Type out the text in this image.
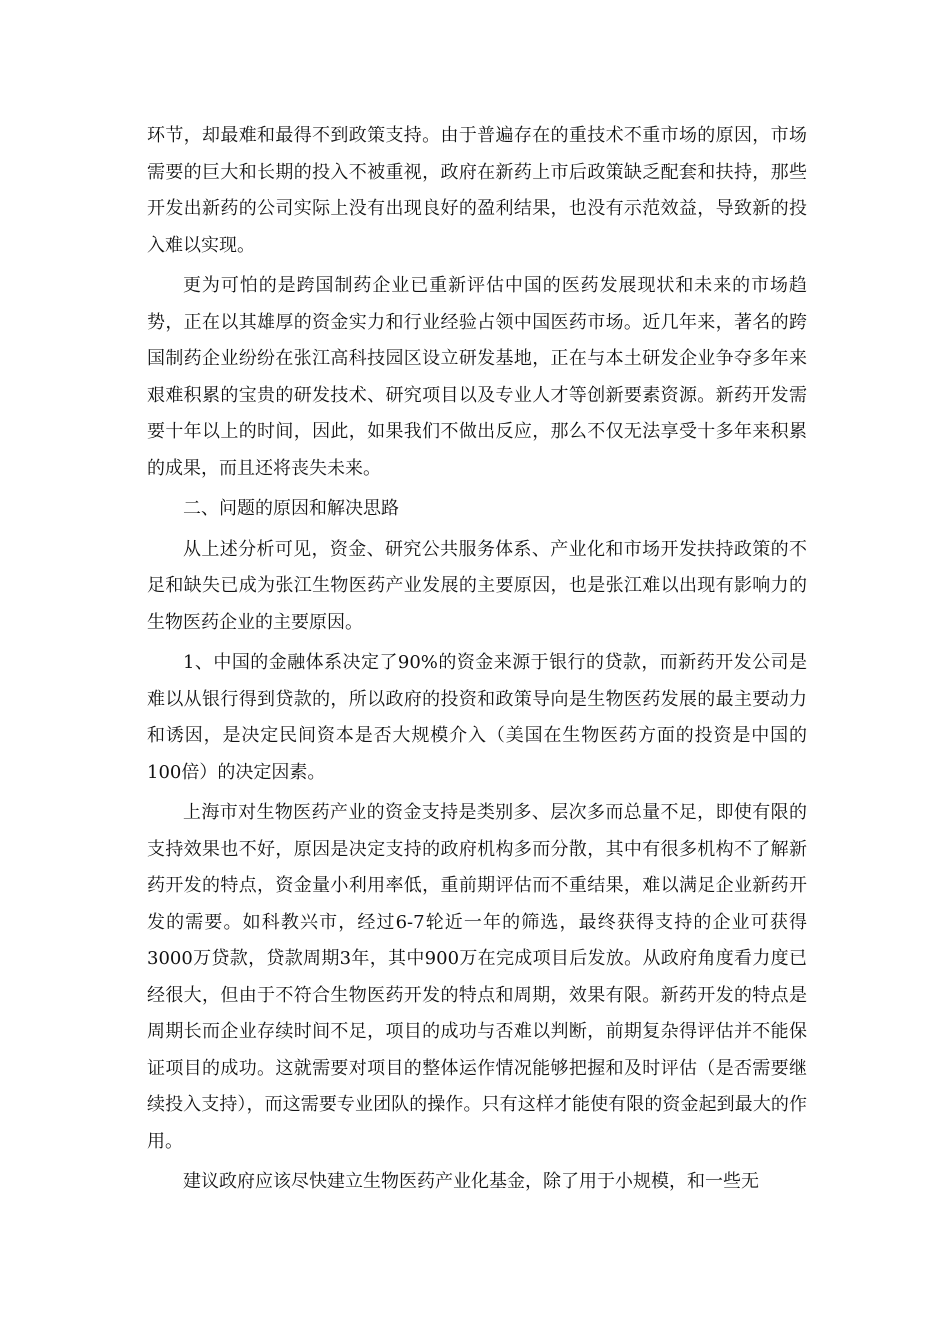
环节，却最难和最得不到政策支持。由于普遍存在的重技术不重市场的原因，市场需要的巨大和长期的投入不被重视，政府在新药上市后政策缺乏配套和扶持，那些开发出新药的公司实际上没有出现良好的盈利结果，也没有示范效益，导致新的投入难以实现。

更为可怕的是跨国制药企业已重新评估中国的医药发展现状和未来的市场趋势，正在以其雄厚的资金实力和行业经验占领中国医药市场。近几年来，著名的跨国制药企业纷纷在张江高科技园区设立研发基地，正在与本土研发企业争夺多年来艰难积累的宝贵的研发技术、研究项目以及专业人才等创新要素资源。新药开发需要十年以上的时间，因此，如果我们不做出反应，那么不仅无法享受十多年来积累的成果，而且还将丧失未来。

二、问题的原因和解决思路

从上述分析可见，资金、研究公共服务体系、产业化和市场开发扶持政策的不足和缺失已成为张江生物医药产业发展的主要原因，也是张江难以出现有影响力的生物医药企业的主要原因。

1、中国的金融体系决定了90%的资金来源于银行的贷款，而新药开发公司是难以从银行得到贷款的，所以政府的投资和政策导向是生物医药发展的最主要动力和诱因，是决定民间资本是否大规模介入（美国在生物医药方面的投资是中国的100倍）的决定因素。

上海市对生物医药产业的资金支持是类别多、层次多而总量不足，即使有限的支持效果也不好，原因是决定支持的政府机构多而分散，其中有很多机构不了解新药开发的特点，资金量小利用率低，重前期评估而不重结果，难以满足企业新药开发的需要。如科教兴市，经过6-7轮近一年的筛选，最终获得支持的企业可获得3000万贷款，贷款周期3年，其中900万在完成项目后发放。从政府角度看力度已经很大，但由于不符合生物医药开发的特点和周期，效果有限。新药开发的特点是周期长而企业存续时间不足，项目的成功与否难以判断，前期复杂得评估并不能保证项目的成功。这就需要对项目的整体运作情况能够把握和及时评估（是否需要继续投入支持），而这需要专业团队的操作。只有这样才能使有限的资金起到最大的作用。

建议政府应该尽快建立生物医药产业化基金，除了用于小规模，和一些无
